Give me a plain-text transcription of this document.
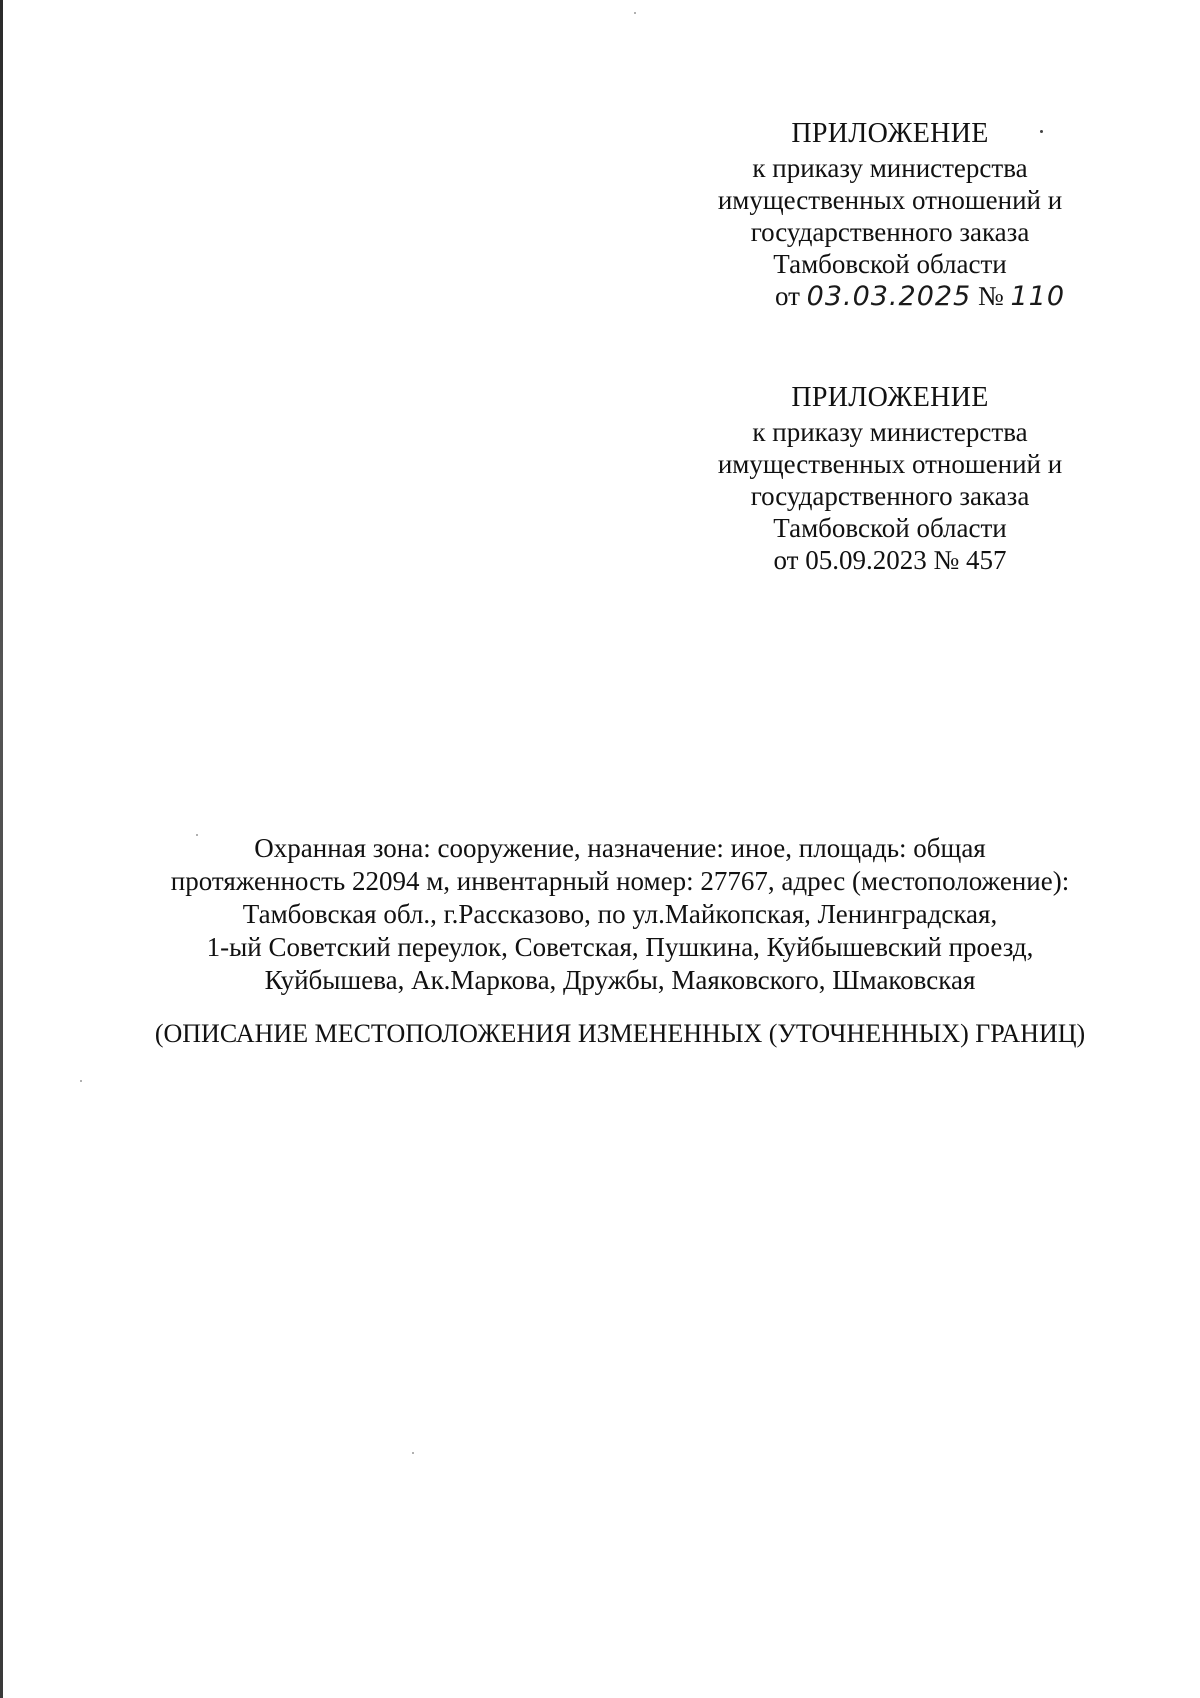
ПРИЛОЖЕНИЕ
к приказу министерства
имущественных отношений и
государственного заказа
Тамбовской области
от 03.03.2025 № 110
ПРИЛОЖЕНИЕ
к приказу министерства
имущественных отношений и
государственного заказа
Тамбовской области
от 05.09.2023 № 457
Охранная зона: сооружение, назначение: иное, площадь: общая
протяженность 22094 м, инвентарный номер: 27767, адрес (местоположение):
Тамбовская обл., г.Рассказово, по ул.Майкопская, Ленинградская,
1-ый Советский переулок, Советская, Пушкина, Куйбышевский проезд,
Куйбышева, Ак.Маркова, Дружбы, Маяковского, Шмаковская
(ОПИСАНИЕ МЕСТОПОЛОЖЕНИЯ ИЗМЕНЕННЫХ (УТОЧНЕННЫХ) ГРАНИЦ)
